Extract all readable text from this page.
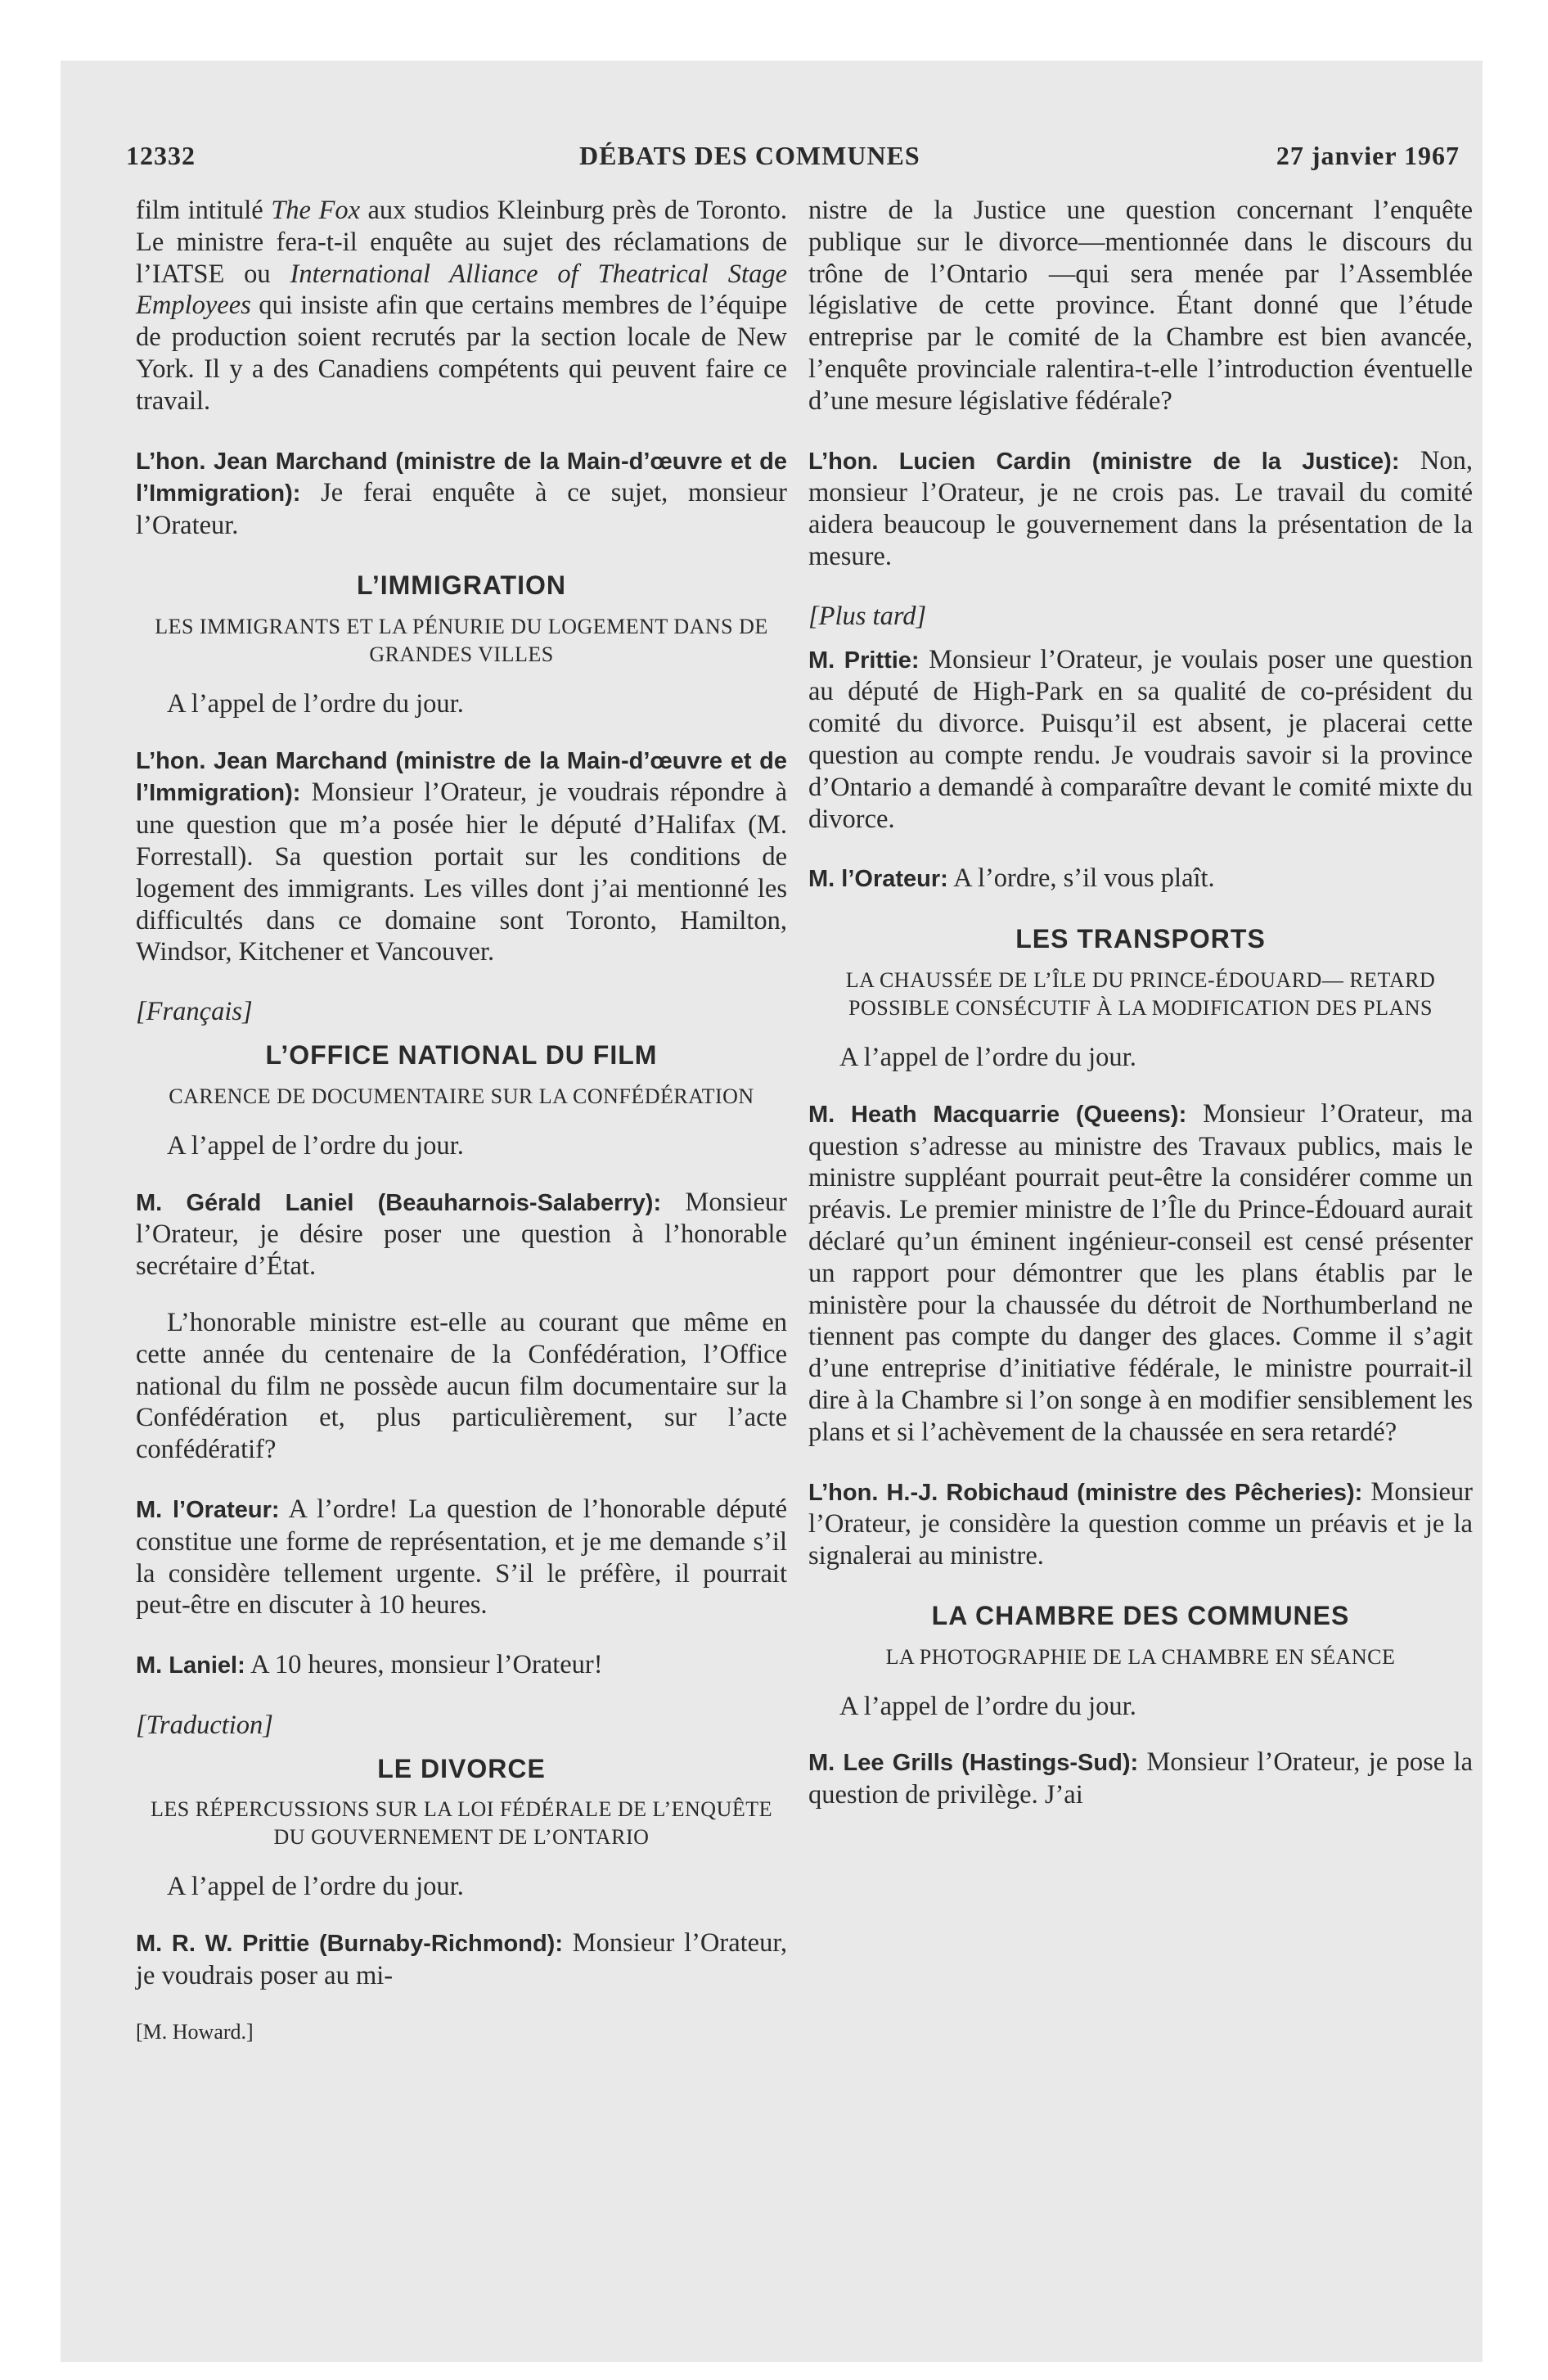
12332	DÉBATS DES COMMUNES	27 janvier 1967

film intitulé The Fox aux studios Kleinburg près de Toronto. Le ministre fera-t-il enquête au sujet des réclamations de l’IATSE ou International Alliance of Theatrical Stage Employees qui insiste afin que certains membres de l’équipe de production soient recrutés par la section locale de New York. Il y a des Canadiens compétents qui peuvent faire ce travail.

L’hon. Jean Marchand (ministre de la Main-d’œuvre et de l’Immigration): Je ferai enquête à ce sujet, monsieur l’Orateur.

L’IMMIGRATION
LES IMMIGRANTS ET LA PÉNURIE DU LOGEMENT DANS DE GRANDES VILLES

A l’appel de l’ordre du jour.

L’hon. Jean Marchand (ministre de la Main-d’œuvre et de l’Immigration): Monsieur l’Orateur, je voudrais répondre à une question que m’a posée hier le député d’Halifax (M. Forrestall). Sa question portait sur les conditions de logement des immigrants. Les villes dont j’ai mentionné les difficultés dans ce domaine sont Toronto, Hamilton, Windsor, Kitchener et Vancouver.

[Français]
L’OFFICE NATIONAL DU FILM
CARENCE DE DOCUMENTAIRE SUR LA CONFÉDÉRATION

A l’appel de l’ordre du jour.

M. Gérald Laniel (Beauharnois-Salaberry): Monsieur l’Orateur, je désire poser une question à l’honorable secrétaire d’État.

L’honorable ministre est-elle au courant que même en cette année du centenaire de la Confédération, l’Office national du film ne possède aucun film documentaire sur la Confédération et, plus particulièrement, sur l’acte confédératif?

M. l’Orateur: A l’ordre! La question de l’honorable député constitue une forme de représentation, et je me demande s’il la considère tellement urgente. S’il le préfère, il pourrait peut-être en discuter à 10 heures.

M. Laniel: A 10 heures, monsieur l’Orateur!

[Traduction]
LE DIVORCE
LES RÉPERCUSSIONS SUR LA LOI FÉDÉRALE DE L’ENQUÊTE DU GOUVERNEMENT DE L’ONTARIO

A l’appel de l’ordre du jour.

M. R. W. Prittie (Burnaby-Richmond): Monsieur l’Orateur, je voudrais poser au mi-

[M. Howard.]

nistre de la Justice une question concernant l’enquête publique sur le divorce—mentionnée dans le discours du trône de l’Ontario —qui sera menée par l’Assemblée législative de cette province. Étant donné que l’étude entreprise par le comité de la Chambre est bien avancée, l’enquête provinciale ralentira-t-elle l’introduction éventuelle d’une mesure législative fédérale?

L’hon. Lucien Cardin (ministre de la Justice): Non, monsieur l’Orateur, je ne crois pas. Le travail du comité aidera beaucoup le gouvernement dans la présentation de la mesure.

[Plus tard]

M. Prittie: Monsieur l’Orateur, je voulais poser une question au député de High-Park en sa qualité de co-président du comité du divorce. Puisqu’il est absent, je placerai cette question au compte rendu. Je voudrais savoir si la province d’Ontario a demandé à comparaître devant le comité mixte du divorce.

M. l’Orateur: A l’ordre, s’il vous plaît.

LES TRANSPORTS
LA CHAUSSÉE DE L’ÎLE DU PRINCE-ÉDOUARD— RETARD POSSIBLE CONSÉCUTIF À LA MODIFICATION DES PLANS

A l’appel de l’ordre du jour.

M. Heath Macquarrie (Queens): Monsieur l’Orateur, ma question s’adresse au ministre des Travaux publics, mais le ministre suppléant pourrait peut-être la considérer comme un préavis. Le premier ministre de l’Île du Prince-Édouard aurait déclaré qu’un éminent ingénieur-conseil est censé présenter un rapport pour démontrer que les plans établis par le ministère pour la chaussée du détroit de Northumberland ne tiennent pas compte du danger des glaces. Comme il s’agit d’une entreprise d’initiative fédérale, le ministre pourrait-il dire à la Chambre si l’on songe à en modifier sensiblement les plans et si l’achèvement de la chaussée en sera retardé?

L’hon. H.-J. Robichaud (ministre des Pêcheries): Monsieur l’Orateur, je considère la question comme un préavis et je la signalerai au ministre.

LA CHAMBRE DES COMMUNES
LA PHOTOGRAPHIE DE LA CHAMBRE EN SÉANCE

A l’appel de l’ordre du jour.

M. Lee Grills (Hastings-Sud): Monsieur l’Orateur, je pose la question de privilège. J’ai
